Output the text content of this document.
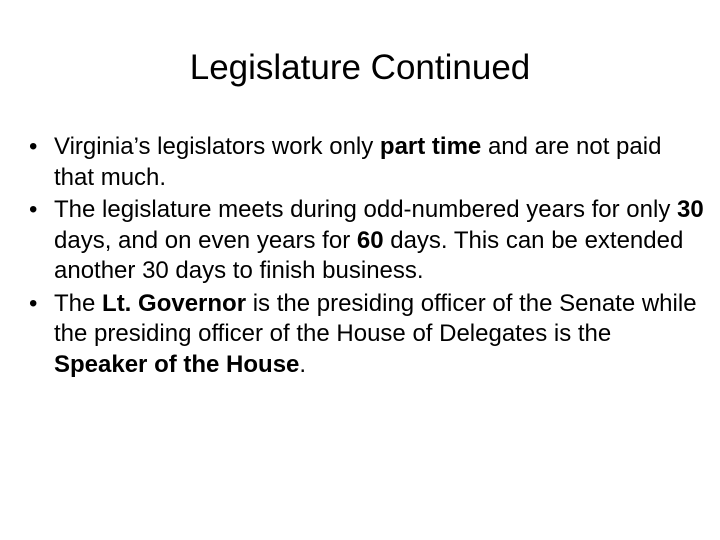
Legislature Continued
• Virginia’s legislators work only part time and are not paid that much.
• The legislature meets during odd-numbered years for only 30 days, and on even years for 60 days. This can be extended another 30 days to finish business.
• The Lt. Governor is the presiding officer of the Senate while the presiding officer of the House of Delegates is the Speaker of the House.
